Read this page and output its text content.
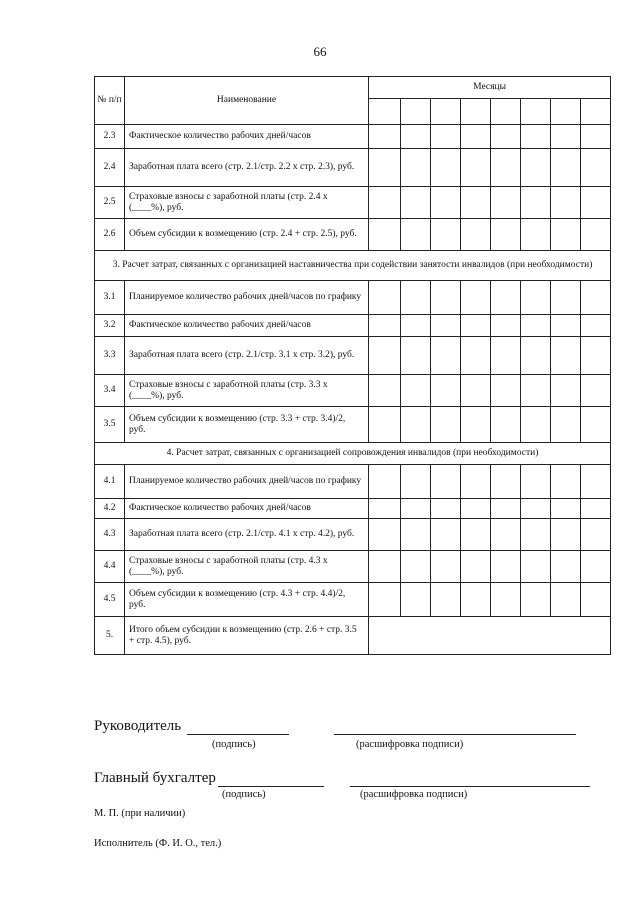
66
№ п/п	Наименование	Месяцы							

2.3	Фактическое количество рабочих дней/часов								
2.4	Заработная плата всего (стр. 2.1/стр. 2.2 х стр. 2.3), руб.								
2.5	Страховые взносы с заработной платы (стр. 2.4 х (____%), руб.								
2.6	Объем субсидии к возмещению (стр. 2.4 + стр. 2.5), руб.								
3. Расчет затрат, связанных с организацией наставничества при содействии занятости инвалидов (при необходимости)									
3.1	Планируемое количество рабочих дней/часов по графику								
3.2	Фактическое количество рабочих дней/часов								
3.3	Заработная плата всего (стр. 2.1/стр. 3.1 х стр. 3.2), руб.								
3.4	Страховые взносы с заработной платы (стр. 3.3 х (____%), руб.								
3.5	Объем субсидии к возмещению (стр. 3.3 + стр. 3.4)/2, руб.								
4. Расчет затрат, связанных с организацией сопровождения инвалидов (при необходимости)									
4.1	Планируемое количество рабочих дней/часов по графику								
4.2	Фактическое количество рабочих дней/часов								
4.3	Заработная плата всего (стр. 2.1/стр. 4.1 х стр. 4.2), руб.								
4.4	Страховые взносы с заработной платы (стр. 4.3 х (____%), руб.								
4.5	Объем субсидии к возмещению (стр. 4.3 + стр. 4.4)/2, руб.								
5.	Итого объем субсидии к возмещению (стр. 2.6 + стр. 3.5 + стр. 4.5), руб.								
Руководитель
(подпись)	(расшифровка подписи)
Главный бухгалтер
(подпись)	(расшифровка подписи)
М. П. (при наличии)
Исполнитель (Ф. И. О., тел.)
